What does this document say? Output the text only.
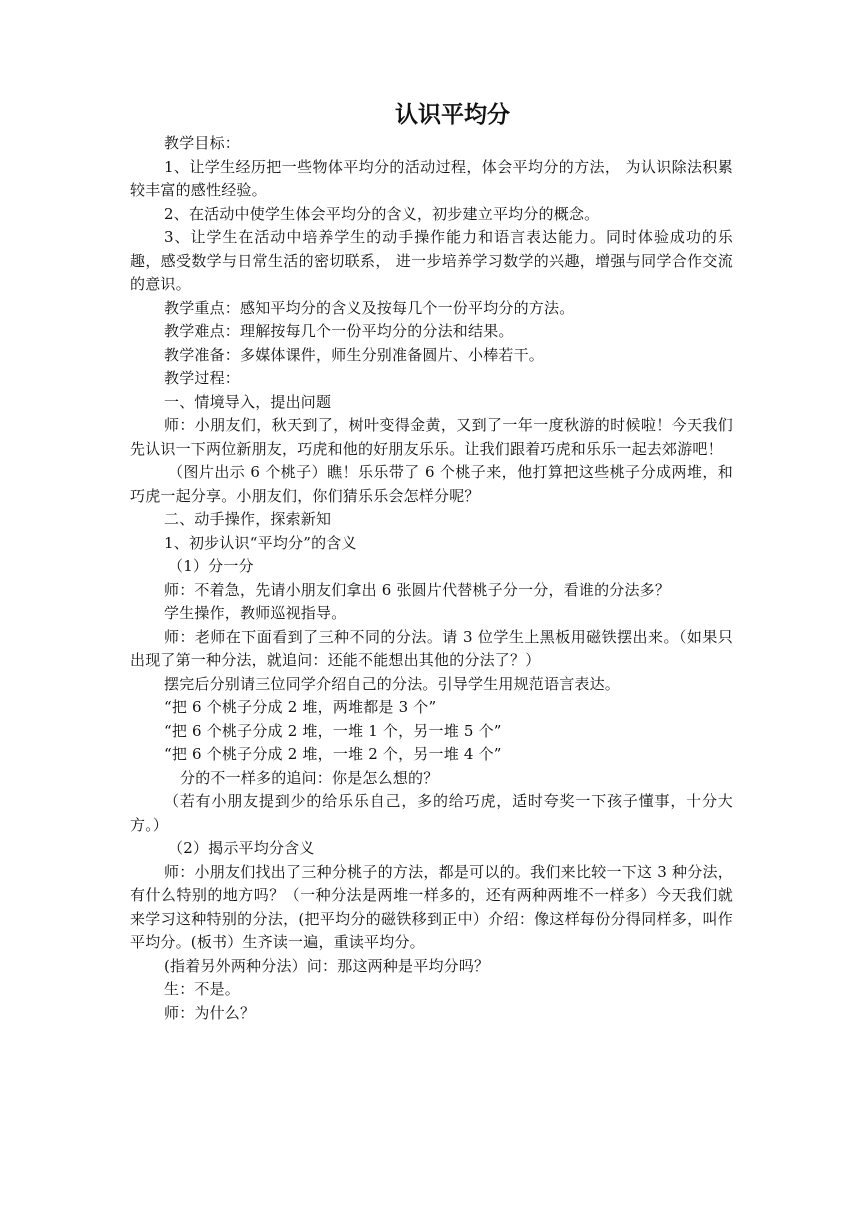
认识平均分

教学目标：

1、让学生经历把一些物体平均分的活动过程，体会平均分的方法， 为认识除法积累较丰富的感性经验。

2、在活动中使学生体会平均分的含义，初步建立平均分的概念。

3、让学生在活动中培养学生的动手操作能力和语言表达能力。同时体验成功的乐趣，感受数学与日常生活的密切联系， 进一步培养学习数学的兴趣，增强与同学合作交流的意识。

教学重点：感知平均分的含义及按每几个一份平均分的方法。

教学难点：理解按每几个一份平均分的分法和结果。

教学准备：多媒体课件，师生分别准备圆片、小棒若干。

教学过程：

一、情境导入，提出问题

师：小朋友们，秋天到了，树叶变得金黄，又到了一年一度秋游的时候啦！今天我们先认识一下两位新朋友，巧虎和他的好朋友乐乐。让我们跟着巧虎和乐乐一起去郊游吧！

（图片出示 6 个桃子）瞧！乐乐带了 6 个桃子来，他打算把这些桃子分成两堆，和巧虎一起分享。小朋友们，你们猜乐乐会怎样分呢？

二、动手操作，探索新知

1、初步认识“平均分”的含义

（1）分一分

师：不着急，先请小朋友们拿出 6 张圆片代替桃子分一分，看谁的分法多？

学生操作，教师巡视指导。

师：老师在下面看到了三种不同的分法。请 3 位学生上黑板用磁铁摆出来。（如果只出现了第一种分法，就追问：还能不能想出其他的分法了？）

摆完后分别请三位同学介绍自己的分法。引导学生用规范语言表达。

“把 6 个桃子分成 2 堆，两堆都是 3 个”

“把 6 个桃子分成 2 堆，一堆 1 个，另一堆 5 个”

“把 6 个桃子分成 2 堆，一堆 2 个，另一堆 4 个”

分的不一样多的追问：你是怎么想的？

（若有小朋友提到少的给乐乐自己，多的给巧虎，适时夸奖一下孩子懂事，十分大方。）

（2）揭示平均分含义

师：小朋友们找出了三种分桃子的方法，都是可以的。我们来比较一下这 3 种分法，有什么特别的地方吗？（一种分法是两堆一样多的，还有两种两堆不一样多）今天我们就来学习这种特别的分法，(把平均分的磁铁移到正中）介绍：像这样每份分得同样多，叫作平均分。(板书）生齐读一遍，重读平均分。

(指着另外两种分法）问：那这两种是平均分吗？

生：不是。

师：为什么？
